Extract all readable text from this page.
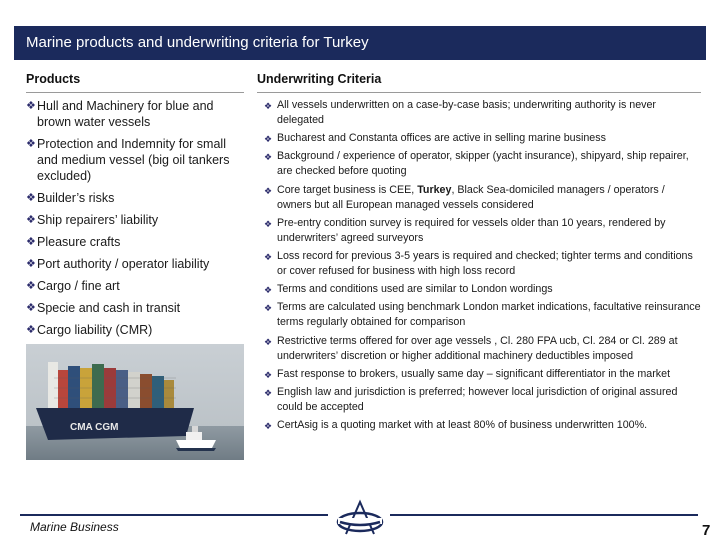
Marine products and underwriting criteria for Turkey
Products	Underwriting Criteria
❖ Hull and Machinery for blue and brown water vessels
❖ Protection and Indemnity for small and medium vessel (big oil tankers excluded)
❖ Builder’s risks
❖ Ship repairers’ liability
❖ Pleasure crafts
❖ Port authority / operator liability
❖ Cargo / fine art
❖ Specie and cash in transit
❖ Cargo liability (CMR)
CMA CGM
❖ All vessels underwritten on a case-by-case basis; underwriting authority is never delegated
❖ Bucharest and Constanta offices are active in selling marine business
❖ Background / experience of operator, skipper (yacht insurance), shipyard, ship repairer, are checked before quoting
❖ Core target business is CEE, Turkey, Black Sea-domiciled managers / operators / owners but all European managed vessels considered
❖ Pre-entry condition survey is required for vessels older than 10 years, rendered by underwriters’ agreed surveyors
❖ Loss record for previous 3-5 years is required and checked; tighter terms and conditions or cover refused for business with high loss record
❖ Terms and conditions used are similar to London wordings
❖ Terms are calculated using benchmark London market indications, facultative reinsurance terms regularly obtained for comparison
❖ Restrictive terms offered for over age vessels , Cl. 280 FPA ucb, Cl. 284 or Cl. 289 at underwriters’ discretion or higher additional machinery deductibles imposed
❖ Fast response to brokers, usually same day – significant differentiator in the market
❖ English law and jurisdiction is preferred; however local jurisdiction of original assured could be accepted
❖ CertAsig is a quoting market with at least 80% of business underwritten 100%.
Marine Business	7
